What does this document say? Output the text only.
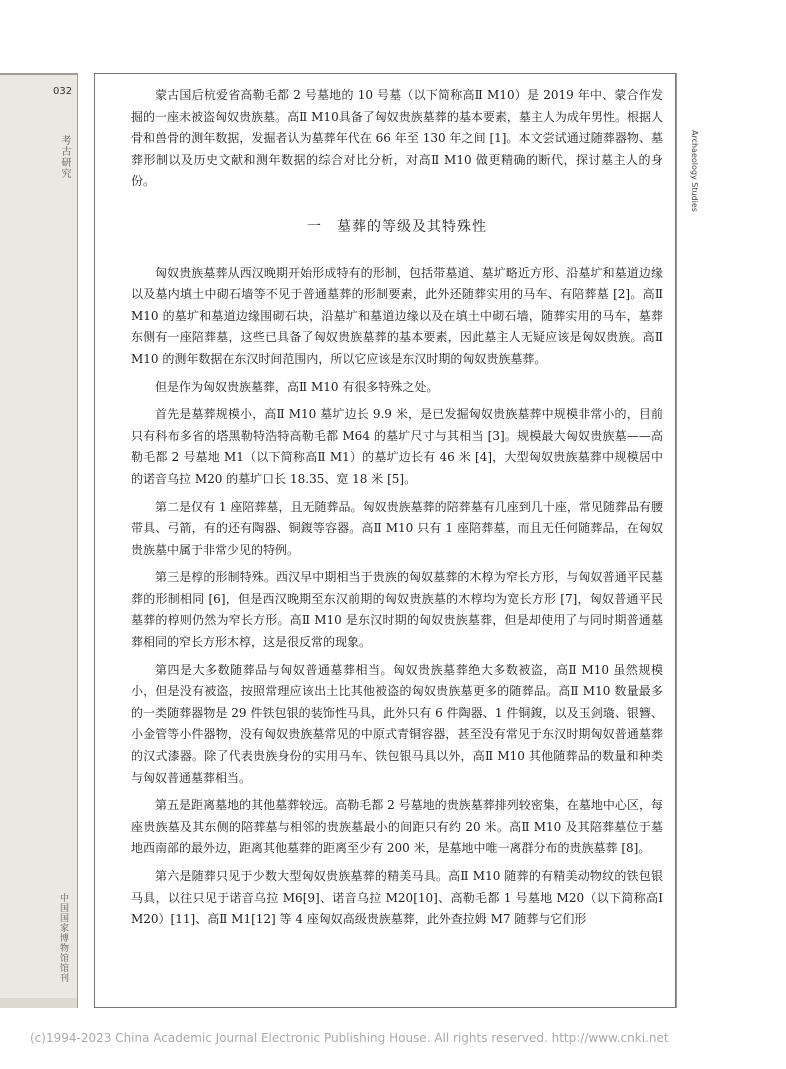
032
考古研究
中国国家博物馆馆刊
Archaeology Studies

蒙古国后杭爱省高勒毛都 2 号墓地的 10 号墓（以下简称高Ⅱ M10）是 2019 年中、蒙合作发掘的一座未被盗匈奴贵族墓。高Ⅱ M10具备了匈奴贵族墓葬的基本要素，墓主人为成年男性。根据人骨和兽骨的测年数据，发掘者认为墓葬年代在 66 年至 130 年之间 [1]。本文尝试通过随葬器物、墓葬形制以及历史文献和测年数据的综合对比分析，对高Ⅱ M10 做更精确的断代，探讨墓主人的身份。

一　墓葬的等级及其特殊性

匈奴贵族墓葬从西汉晚期开始形成特有的形制，包括带墓道、墓圹略近方形、沿墓圹和墓道边缘以及墓内填土中砌石墙等不见于普通墓葬的形制要素，此外还随葬实用的马车、有陪葬墓 [2]。高Ⅱ M10 的墓圹和墓道边缘围砌石块，沿墓圹和墓道边缘以及在填土中砌石墙，随葬实用的马车，墓葬东侧有一座陪葬墓，这些已具备了匈奴贵族墓葬的基本要素，因此墓主人无疑应该是匈奴贵族。高Ⅱ M10 的测年数据在东汉时间范围内，所以它应该是东汉时期的匈奴贵族墓葬。

但是作为匈奴贵族墓葬，高Ⅱ M10 有很多特殊之处。

首先是墓葬规模小，高Ⅱ M10 墓圹边长 9.9 米，是已发掘匈奴贵族墓葬中规模非常小的，目前只有科布多省的塔黑勒特浩特高勒毛都 M64 的墓圹尺寸与其相当 [3]。规模最大匈奴贵族墓——高勒毛都 2 号墓地 M1（以下简称高Ⅱ M1）的墓圹边长有 46 米 [4]，大型匈奴贵族墓葬中规模居中的诺音乌拉 M20 的墓圹口长 18.35、宽 18 米 [5]。

第二是仅有 1 座陪葬墓，且无随葬品。匈奴贵族墓葬的陪葬墓有几座到几十座，常见随葬品有腰带具、弓箭，有的还有陶器、铜鍑等容器。高Ⅱ M10 只有 1 座陪葬墓，而且无任何随葬品，在匈奴贵族墓中属于非常少见的特例。

第三是椁的形制特殊。西汉早中期相当于贵族的匈奴墓葬的木椁为窄长方形，与匈奴普通平民墓葬的形制相同 [6]，但是西汉晚期至东汉前期的匈奴贵族墓的木椁均为宽长方形 [7]，匈奴普通平民墓葬的椁则仍然为窄长方形。高Ⅱ M10 是东汉时期的匈奴贵族墓葬，但是却使用了与同时期普通墓葬相同的窄长方形木椁，这是很反常的现象。

第四是大多数随葬品与匈奴普通墓葬相当。匈奴贵族墓葬绝大多数被盗，高Ⅱ M10 虽然规模小，但是没有被盗，按照常理应该出土比其他被盗的匈奴贵族墓更多的随葬品。高Ⅱ M10 数量最多的一类随葬器物是 29 件铁包银的装饰性马具，此外只有 6 件陶器、1 件铜鍑，以及玉剑璏、银簪、小金管等小件器物，没有匈奴贵族墓常见的中原式青铜容器，甚至没有常见于东汉时期匈奴普通墓葬的汉式漆器。除了代表贵族身份的实用马车、铁包银马具以外，高Ⅱ M10 其他随葬品的数量和种类与匈奴普通墓葬相当。

第五是距离墓地的其他墓葬较远。高勒毛都 2 号墓地的贵族墓葬排列较密集，在墓地中心区，每座贵族墓及其东侧的陪葬墓与相邻的贵族墓最小的间距只有约 20 米。高Ⅱ M10 及其陪葬墓位于墓地西南部的最外边，距离其他墓葬的距离至少有 200 米，是墓地中唯一离群分布的贵族墓葬 [8]。

第六是随葬只见于少数大型匈奴贵族墓葬的精美马具。高Ⅱ M10 随葬的有精美动物纹的铁包银马具，以往只见于诺音乌拉 M6[9]、诺音乌拉 M20[10]、高勒毛都 1 号墓地 M20（以下简称高Ⅰ M20）[11]、高Ⅱ M1[12] 等 4 座匈奴高级贵族墓葬，此外查拉姆 M7 随葬与它们形

(c)1994-2023 China Academic Journal Electronic Publishing House. All rights reserved. http://www.cnki.net
